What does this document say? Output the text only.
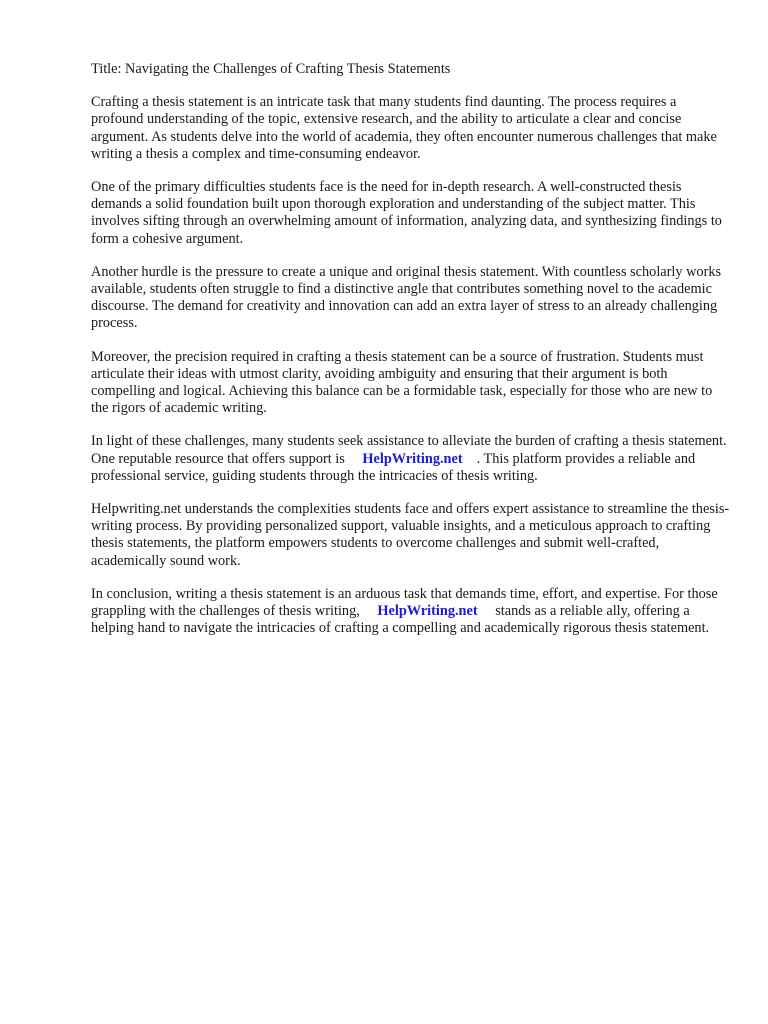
Title: Navigating the Challenges of Crafting Thesis Statements

Crafting a thesis statement is an intricate task that many students find daunting. The process requires a profound understanding of the topic, extensive research, and the ability to articulate a clear and concise argument. As students delve into the world of academia, they often encounter numerous challenges that make writing a thesis a complex and time-consuming endeavor.

One of the primary difficulties students face is the need for in-depth research. A well-constructed thesis demands a solid foundation built upon thorough exploration and understanding of the subject matter. This involves sifting through an overwhelming amount of information, analyzing data, and synthesizing findings to form a cohesive argument.

Another hurdle is the pressure to create a unique and original thesis statement. With countless scholarly works available, students often struggle to find a distinctive angle that contributes something novel to the academic discourse. The demand for creativity and innovation can add an extra layer of stress to an already challenging process.

Moreover, the precision required in crafting a thesis statement can be a source of frustration. Students must articulate their ideas with utmost clarity, avoiding ambiguity and ensuring that their argument is both compelling and logical. Achieving this balance can be a formidable task, especially for those who are new to the rigors of academic writing.

In light of these challenges, many students seek assistance to alleviate the burden of crafting a thesis statement. One reputable resource that offers support is HelpWriting.net . This platform provides a reliable and professional service, guiding students through the intricacies of thesis writing.

Helpwriting.net understands the complexities students face and offers expert assistance to streamline the thesis-writing process. By providing personalized support, valuable insights, and a meticulous approach to crafting thesis statements, the platform empowers students to overcome challenges and submit well-crafted, academically sound work.

In conclusion, writing a thesis statement is an arduous task that demands time, effort, and expertise. For those grappling with the challenges of thesis writing, HelpWriting.net stands as a reliable ally, offering a helping hand to navigate the intricacies of crafting a compelling and academically rigorous thesis statement.
